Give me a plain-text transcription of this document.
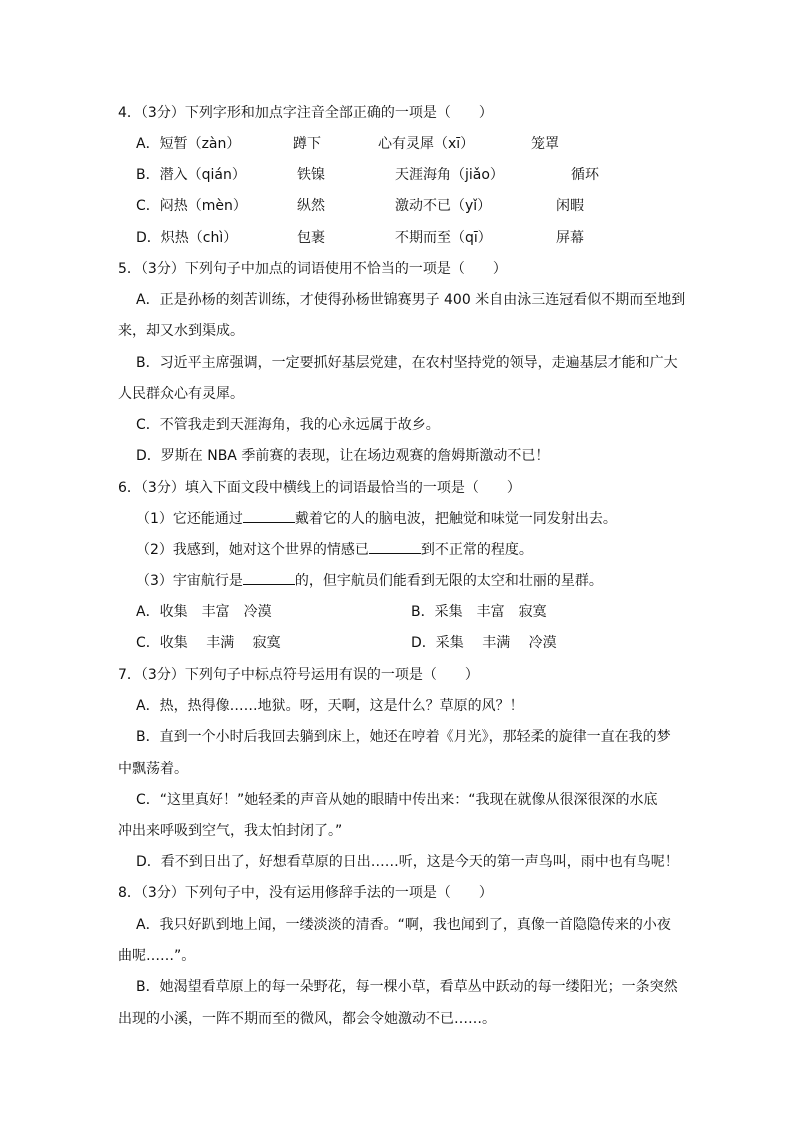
4．（3分）下列字形和加点字注音全部正确的一项是（　　）
A．短暂（zàn）	蹲下	心有灵犀（xī）	笼罩
B．潜入（qián）	铁镍	天涯海角（jiǎo）	循环
C．闷热（mèn）	纵然	激动不已（yǐ）	闲暇
D．炽热（chì）	包裹	不期而至（qī）	屏幕
5．（3分）下列句子中加点的词语使用不恰当的一项是（　　）
A．正是孙杨的刻苦训练，才使得孙杨世锦赛男子 400 米自由泳三连冠看似不期而至地到
来，却又水到渠成。
B．习近平主席强调，一定要抓好基层党建，在农村坚持党的领导，走遍基层才能和广大
人民群众心有灵犀。
C．不管我走到天涯海角，我的心永远属于故乡。
D．罗斯在 NBA 季前赛的表现，让在场边观赛的詹姆斯激动不已！
6．（3分）填入下面文段中横线上的词语最恰当的一项是（　　）
（1）它还能通过	戴着它的人的脑电波，把触觉和味觉一同发射出去。
（2）我感到，她对这个世界的情感已	到不正常的程度。
（3）宇宙航行是	的，但宇航员们能看到无限的太空和壮丽的星群。
A．收集　丰富　冷漠	B．采集　丰富　寂寞
C．收集　 丰满　 寂寞	D．采集　 丰满　 冷漠
7．（3分）下列句子中标点符号运用有误的一项是（　　）
A．热，热得像……地狱。呀，天啊，这是什么？草原的风？！
B．直到一个小时后我回去躺到床上，她还在哼着《月光》，那轻柔的旋律一直在我的梦
中飘荡着。
C．“这里真好！”她轻柔的声音从她的眼睛中传出来：“我现在就像从很深很深的水底
冲出来呼吸到空气，我太怕封闭了。”
D．看不到日出了，好想看草原的日出……听，这是今天的第一声鸟叫，雨中也有鸟呢！
8．（3分）下列句子中，没有运用修辞手法的一项是（　　）
A．我只好趴到地上闻，一缕淡淡的清香。“啊，我也闻到了，真像一首隐隐传来的小夜
曲呢……”。
B．她渴望看草原上的每一朵野花，每一棵小草，看草丛中跃动的每一缕阳光；一条突然
出现的小溪，一阵不期而至的微风，都会令她激动不已……。
